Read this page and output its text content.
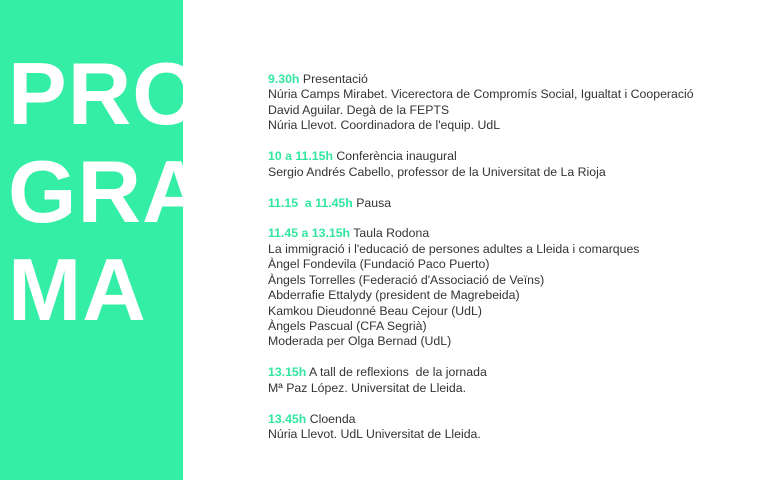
PRO
GRA
MA
9.30h Presentació
Núria Camps Mirabet. Vicerectora de Compromís Social, Igualtat i Cooperació
David Aguilar. Degà de la FEPTS
Núria Llevot. Coordinadora de l'equip. UdL
10 a 11.15h Conferència inaugural
Sergio Andrés Cabello, professor de la Universitat de La Rioja
11.15  a 11.45h Pausa
11.45 a 13.15h Taula Rodona
La immigració i l'educació de persones adultes a Lleida i comarques
Àngel Fondevila (Fundació Paco Puerto)
Àngels Torrelles (Federació d'Associació de Veïns)
Abderrafie Ettalydy (president de Magrebeida)
Kamkou Dieudonné Beau Cejour (UdL)
Àngels Pascual (CFA Segrià)
Moderada per Olga Bernad (UdL)
13.15h A tall de reflexions  de la jornada
Mª Paz López. Universitat de Lleida.
13.45h Cloenda
Núria Llevot. UdL Universitat de Lleida.
